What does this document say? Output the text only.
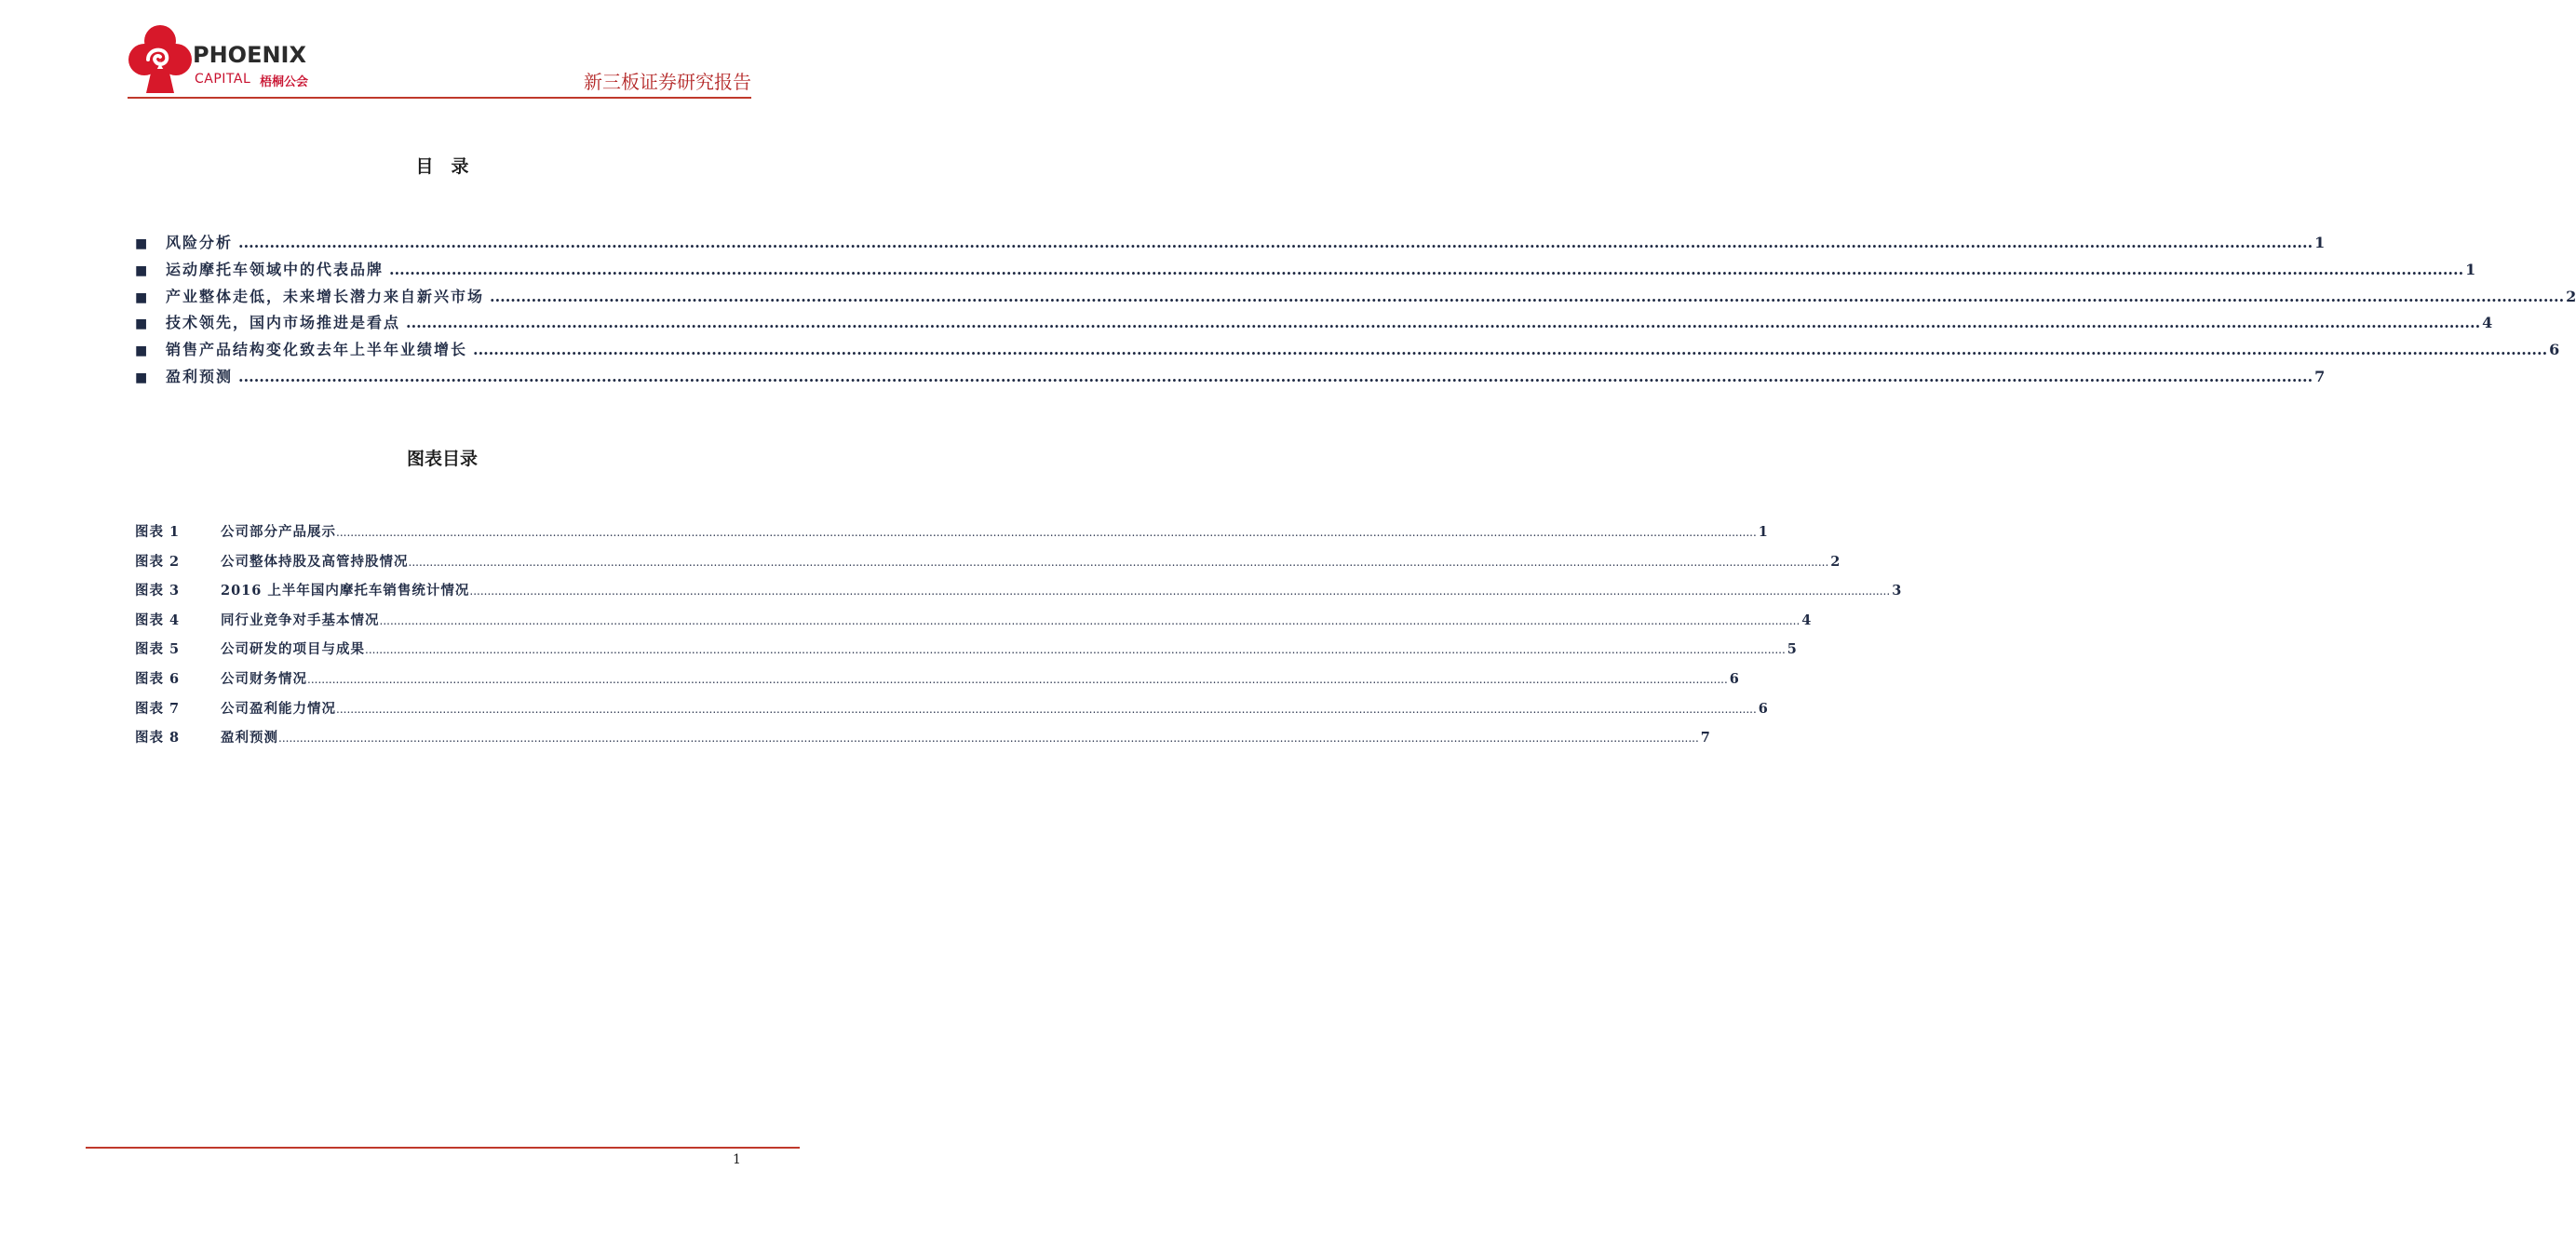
PHOENIX
CAPITAL 梧桐公会	新三板证券研究报告
目　录
■	风险分析 ................................................................................................................................................................................................................................................................................................................................................................................................................ 1
■	运动摩托车领域中的代表品牌 ................................................................................................................................................................................................................................................................................................................................................................................................................ 1
■	产业整体走低，未来增长潜力来自新兴市场 ................................................................................................................................................................................................................................................................................................................................................................................................................ 2
■	技术领先，国内市场推进是看点 ................................................................................................................................................................................................................................................................................................................................................................................................................ 4
■	销售产品结构变化致去年上半年业绩增长 ................................................................................................................................................................................................................................................................................................................................................................................................................ 6
■	盈利预测 ................................................................................................................................................................................................................................................................................................................................................................................................................ 7
图表目录
图表 1	公司部分产品展示 ................................................................................................................................................................................................................................................................................................................................................................................................................ 1
图表 2	公司整体持股及高管持股情况 ................................................................................................................................................................................................................................................................................................................................................................................................................ 2
图表 3	2016 上半年国内摩托车销售统计情况 ................................................................................................................................................................................................................................................................................................................................................................................................................ 3
图表 4	同行业竞争对手基本情况 ................................................................................................................................................................................................................................................................................................................................................................................................................ 4
图表 5	公司研发的项目与成果 ................................................................................................................................................................................................................................................................................................................................................................................................................ 5
图表 6	公司财务情况 ................................................................................................................................................................................................................................................................................................................................................................................................................ 6
图表 7	公司盈利能力情况 ................................................................................................................................................................................................................................................................................................................................................................................................................ 6
图表 8	盈利预测 ................................................................................................................................................................................................................................................................................................................................................................................................................ 7
1
